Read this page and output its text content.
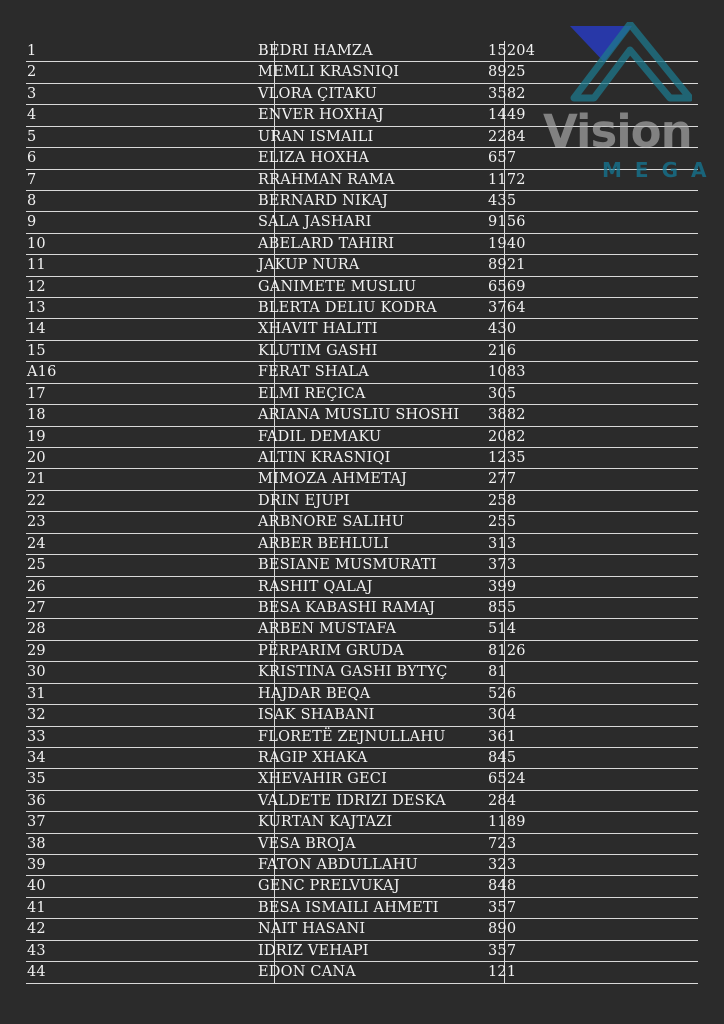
1	BEDRI HAMZA	15204
2	MEMLI KRASNIQI	8925
3	VLORA ÇITAKU	3582
4	ENVER HOXHAJ	1449
5	URAN ISMAILI	2284
6	ELIZA HOXHA	657
7	RRAHMAN RAMA	1172
8	BERNARD NIKAJ	435
9	SALA JASHARI	9156
10	ABELARD TAHIRI	1940
11	JAKUP NURA	8921
12	GANIMETE MUSLIU	6569
13	BLERTA DELIU KODRA	3764
14	XHAVIT HALITI	430
15	KLUTIM GASHI	216
A16	FERAT SHALA	1083
17	ELMI REÇICA	305
18	ARIANA MUSLIU SHOSHI	3882
19	FADIL DEMAKU	2082
20	ALTIN KRASNIQI	1235
21	MIMOZA AHMETAJ	277
22	DRIN EJUPI	258
23	ARBNORE SALIHU	255
24	ARBER BEHLULI	313
25	BESIANE MUSMURATI	373
26	RASHIT QALAJ	399
27	BESA KABASHI RAMAJ	855
28	ARBEN MUSTAFA	514
29	PËRPARIM GRUDA	8126
30	KRISTINA GASHI BYTYÇ	81
31	HAJDAR BEQA	526
32	ISAK SHABANI	304
33	FLORETË ZEJNULLAHU	361
34	RAGIP XHAKA	845
35	XHEVAHIR GECI	6524
36	VALDETE IDRIZI DESKA	284
37	KURTAN KAJTAZI	1189
38	VESA BROJA	723
39	FATON ABDULLAHU	323
40	GENC PRELVUKAJ	848
41	BESA ISMAILI AHMETI	357
42	NAIT HASANI	890
43	IDRIZ VEHAPI	357
44	EDON CANA	121
Vision
MEGA
